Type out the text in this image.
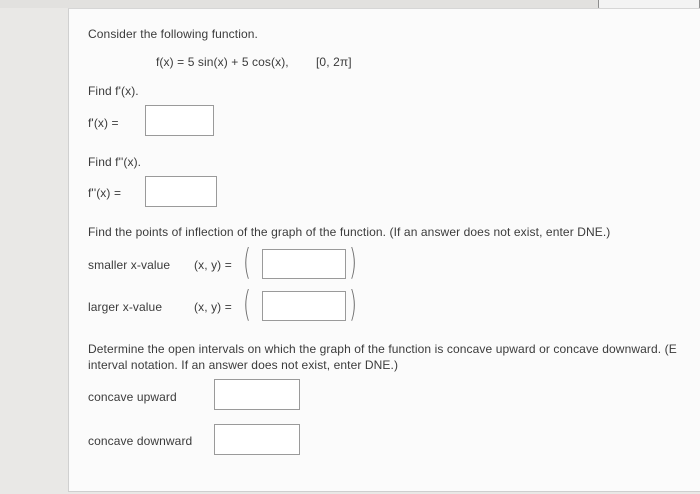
Consider the following function.
f(x) = 5 sin(x) + 5 cos(x), [0, 2π]
Find f'(x).
f'(x) =
Find f''(x).
f''(x) =
Find the points of inflection of the graph of the function. (If an answer does not exist, enter DNE.)
smaller x-value (x, y) = (	)
larger x-value	(x, y) = (	)
Determine the open intervals on which the graph of the function is concave upward or concave downward. (E
interval notation. If an answer does not exist, enter DNE.)
concave upward
concave downward
